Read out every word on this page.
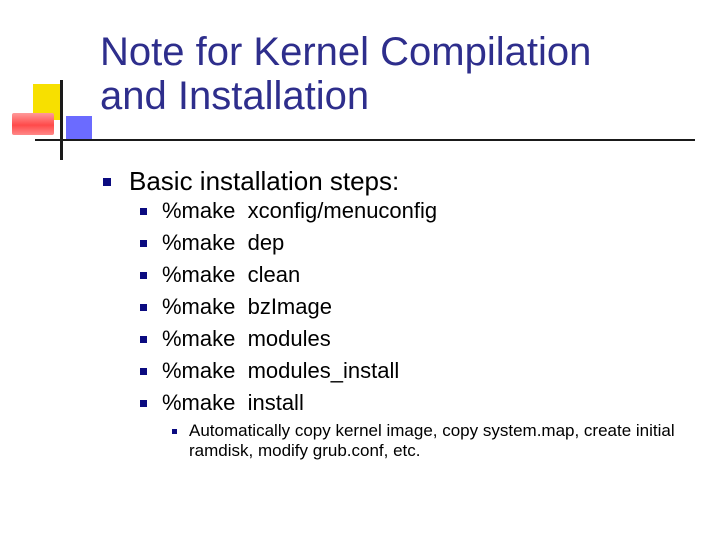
Note for Kernel Compilation
and Installation
Basic installation steps:
%make  xconfig/menuconfig
%make  dep
%make  clean
%make  bzImage
%make  modules
%make  modules_install
%make  install
Automatically copy kernel image, copy system.map, create initial ramdisk, modify grub.conf, etc.
